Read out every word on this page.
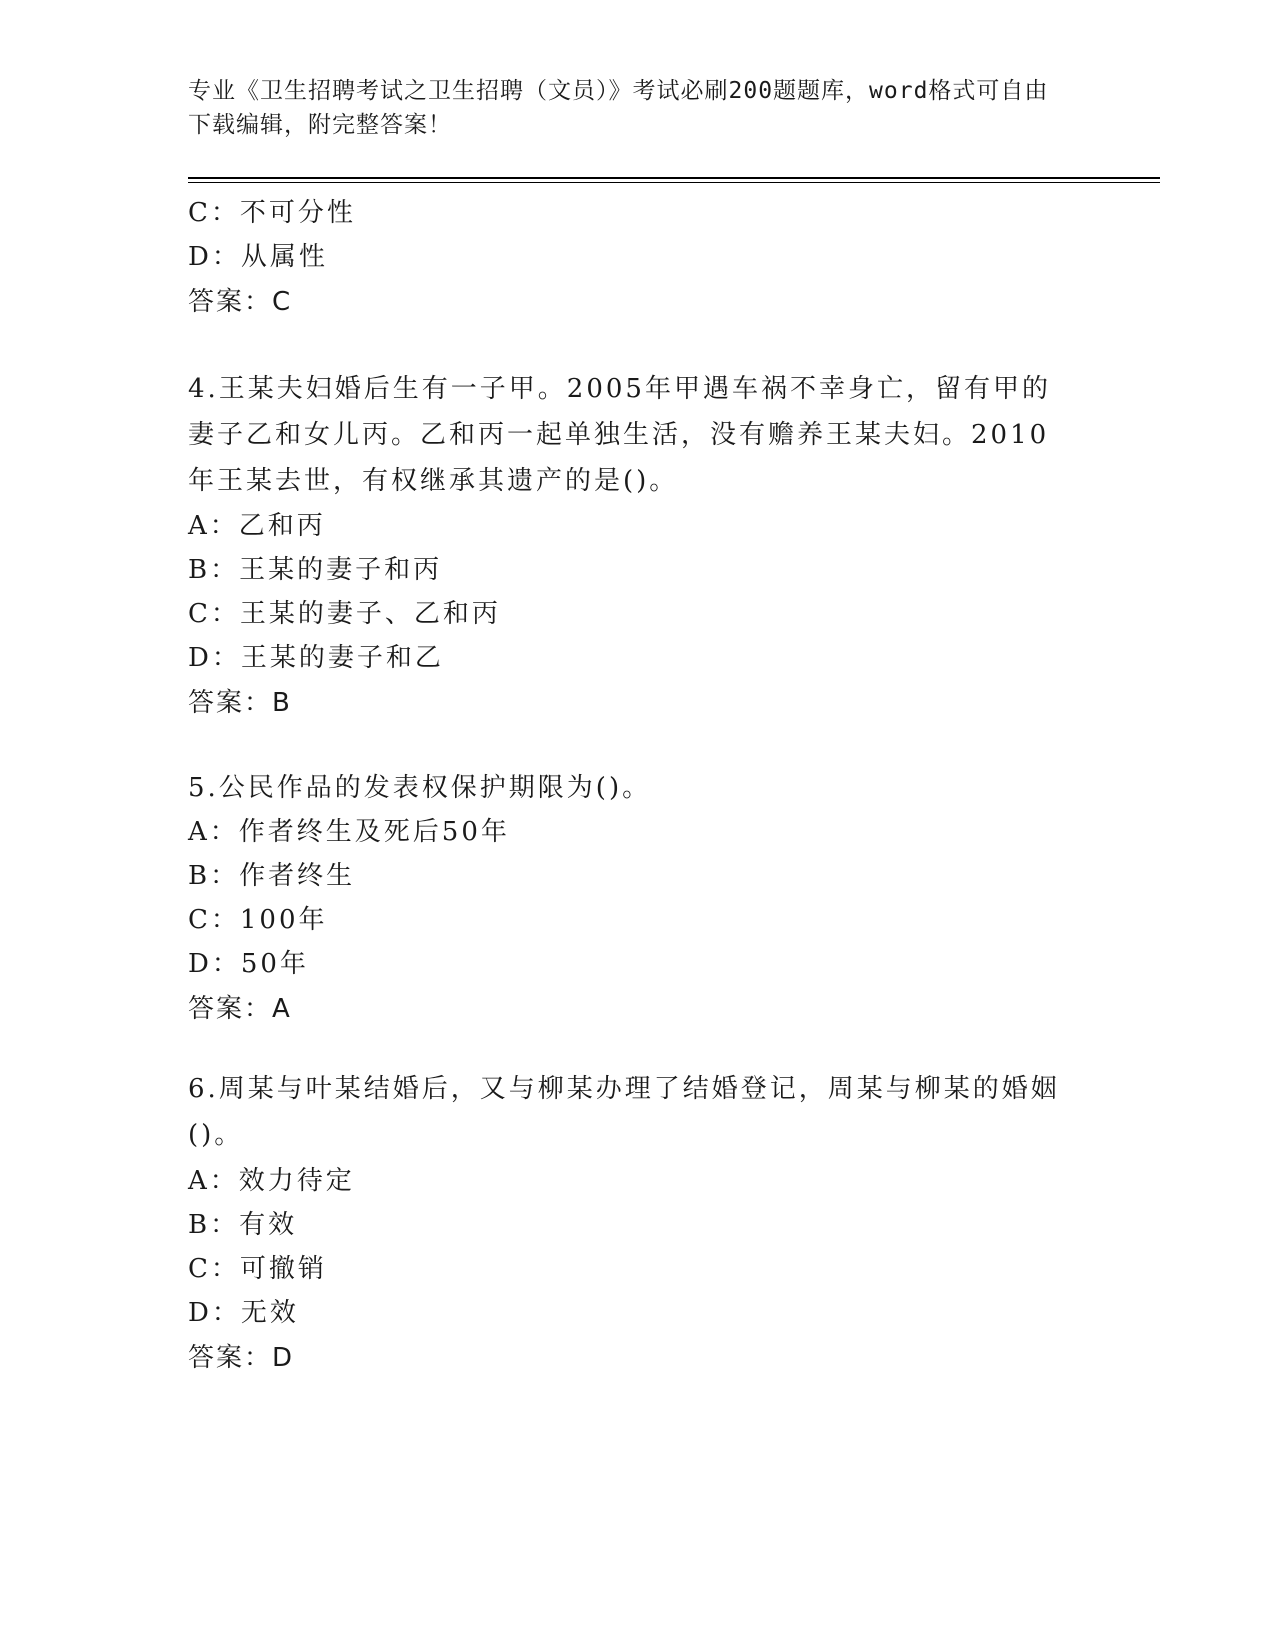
专业《卫生招聘考试之卫生招聘（文员）》考试必刷200题题库，word格式可自由下载编辑，附完整答案！
C：不可分性
D：从属性
答案：C
4.王某夫妇婚后生有一子甲。2005年甲遇车祸不幸身亡，留有甲的妻子乙和女儿丙。乙和丙一起单独生活，没有赡养王某夫妇。2010年王某去世，有权继承其遗产的是()。
A：乙和丙
B：王某的妻子和丙
C：王某的妻子、乙和丙
D：王某的妻子和乙
答案：B
5.公民作品的发表权保护期限为()。
A：作者终生及死后50年
B：作者终生
C：100年
D：50年
答案：A
6.周某与叶某结婚后，又与柳某办理了结婚登记，周某与柳某的婚姻()。
A：效力待定
B：有效
C：可撤销
D：无效
答案：D
